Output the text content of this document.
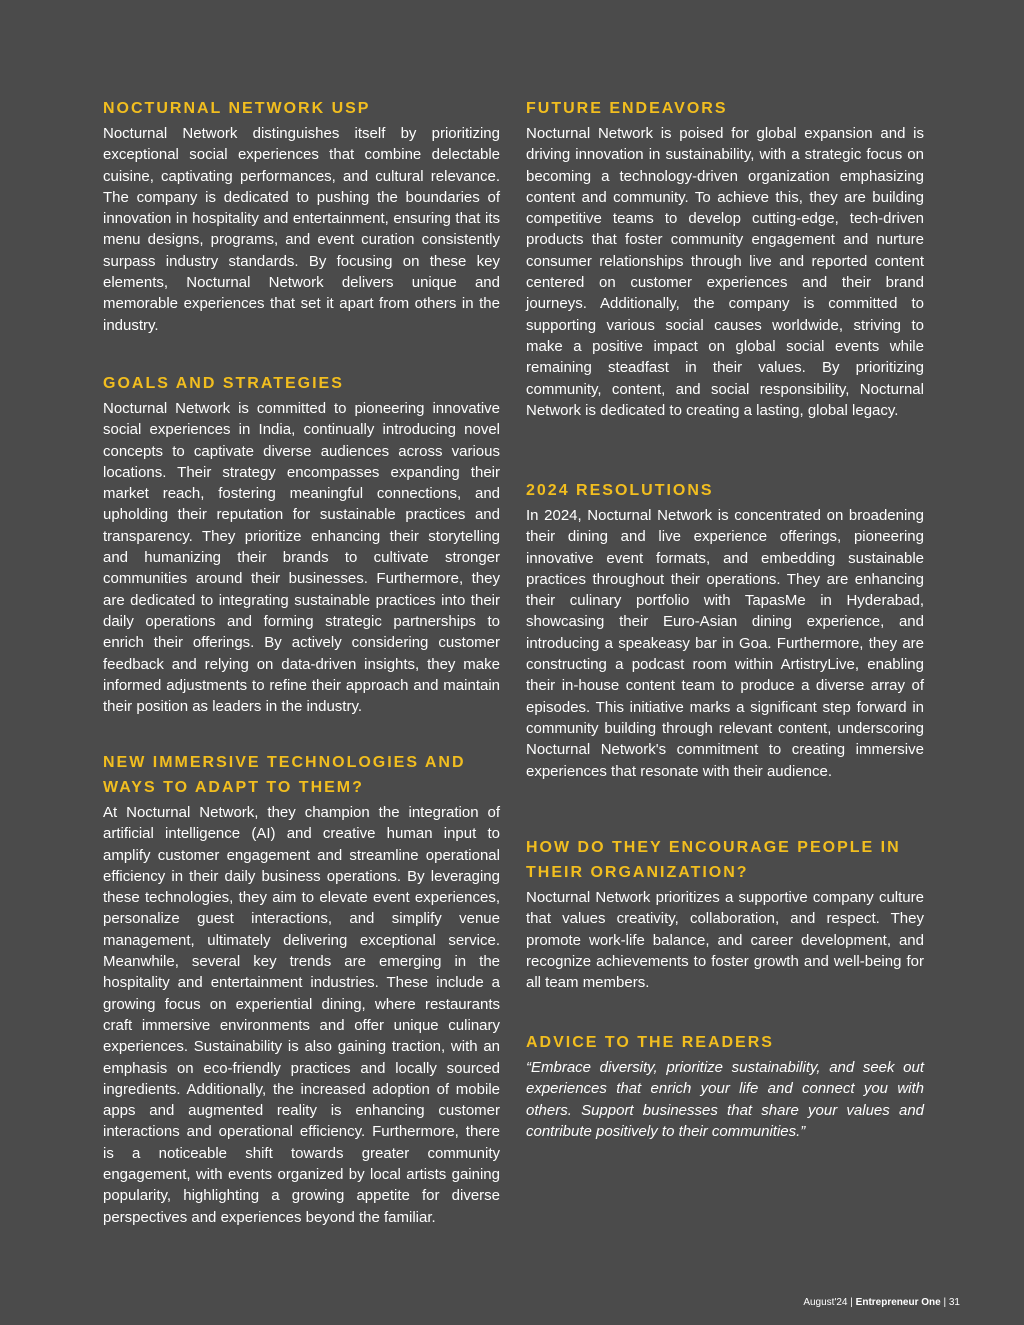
NOCTURNAL NETWORK USP

Nocturnal Network distinguishes itself by prioritizing exceptional social experiences that combine delectable cuisine, captivating performances, and cultural relevance. The company is dedicated to pushing the boundaries of innovation in hospitality and entertainment, ensuring that its menu designs, programs, and event curation consistently surpass industry standards. By focusing on these key elements, Nocturnal Network delivers unique and memorable experiences that set it apart from others in the industry.

GOALS AND STRATEGIES

Nocturnal Network is committed to pioneering innovative social experiences in India, continually introducing novel concepts to captivate diverse audiences across various locations. Their strategy encompasses expanding their market reach, fostering meaningful connections, and upholding their reputation for sustainable practices and transparency. They prioritize enhancing their storytelling and humanizing their brands to cultivate stronger communities around their businesses. Furthermore, they are dedicated to integrating sustainable practices into their daily operations and forming strategic partnerships to enrich their offerings. By actively considering customer feedback and relying on data-driven insights, they make informed adjustments to refine their approach and maintain their position as leaders in the industry.

NEW IMMERSIVE TECHNOLOGIES AND WAYS TO ADAPT TO THEM?

At Nocturnal Network, they champion the integration of artificial intelligence (AI) and creative human input to amplify customer engagement and streamline operational efficiency in their daily business operations. By leveraging these technologies, they aim to elevate event experiences, personalize guest interactions, and simplify venue management, ultimately delivering exceptional service. Meanwhile, several key trends are emerging in the hospitality and entertainment industries. These include a growing focus on experiential dining, where restaurants craft immersive environments and offer unique culinary experiences. Sustainability is also gaining traction, with an emphasis on eco-friendly practices and locally sourced ingredients. Additionally, the increased adoption of mobile apps and augmented reality is enhancing customer interactions and operational efficiency. Furthermore, there is a noticeable shift towards greater community engagement, with events organized by local artists gaining popularity, highlighting a growing appetite for diverse perspectives and experiences beyond the familiar.

FUTURE ENDEAVORS

Nocturnal Network is poised for global expansion and is driving innovation in sustainability, with a strategic focus on becoming a technology-driven organization emphasizing content and community. To achieve this, they are building competitive teams to develop cutting-edge, tech-driven products that foster community engagement and nurture consumer relationships through live and reported content centered on customer experiences and their brand journeys. Additionally, the company is committed to supporting various social causes worldwide, striving to make a positive impact on global social events while remaining steadfast in their values. By prioritizing community, content, and social responsibility, Nocturnal Network is dedicated to creating a lasting, global legacy.

2024 RESOLUTIONS

In 2024, Nocturnal Network is concentrated on broadening their dining and live experience offerings, pioneering innovative event formats, and embedding sustainable practices throughout their operations. They are enhancing their culinary portfolio with TapasMe in Hyderabad, showcasing their Euro-Asian dining experience, and introducing a speakeasy bar in Goa. Furthermore, they are constructing a podcast room within ArtistryLive, enabling their in-house content team to produce a diverse array of episodes. This initiative marks a significant step forward in community building through relevant content, underscoring Nocturnal Network's commitment to creating immersive experiences that resonate with their audience.

HOW DO THEY ENCOURAGE PEOPLE IN THEIR ORGANIZATION?

Nocturnal Network prioritizes a supportive company culture that values creativity, collaboration, and respect. They promote work-life balance, and career development, and recognize achievements to foster growth and well-being for all team members.

ADVICE TO THE READERS

“Embrace diversity, prioritize sustainability, and seek out experiences that enrich your life and connect you with others. Support businesses that share your values and contribute positively to their communities.”

August'24 | Entrepreneur One | 31
